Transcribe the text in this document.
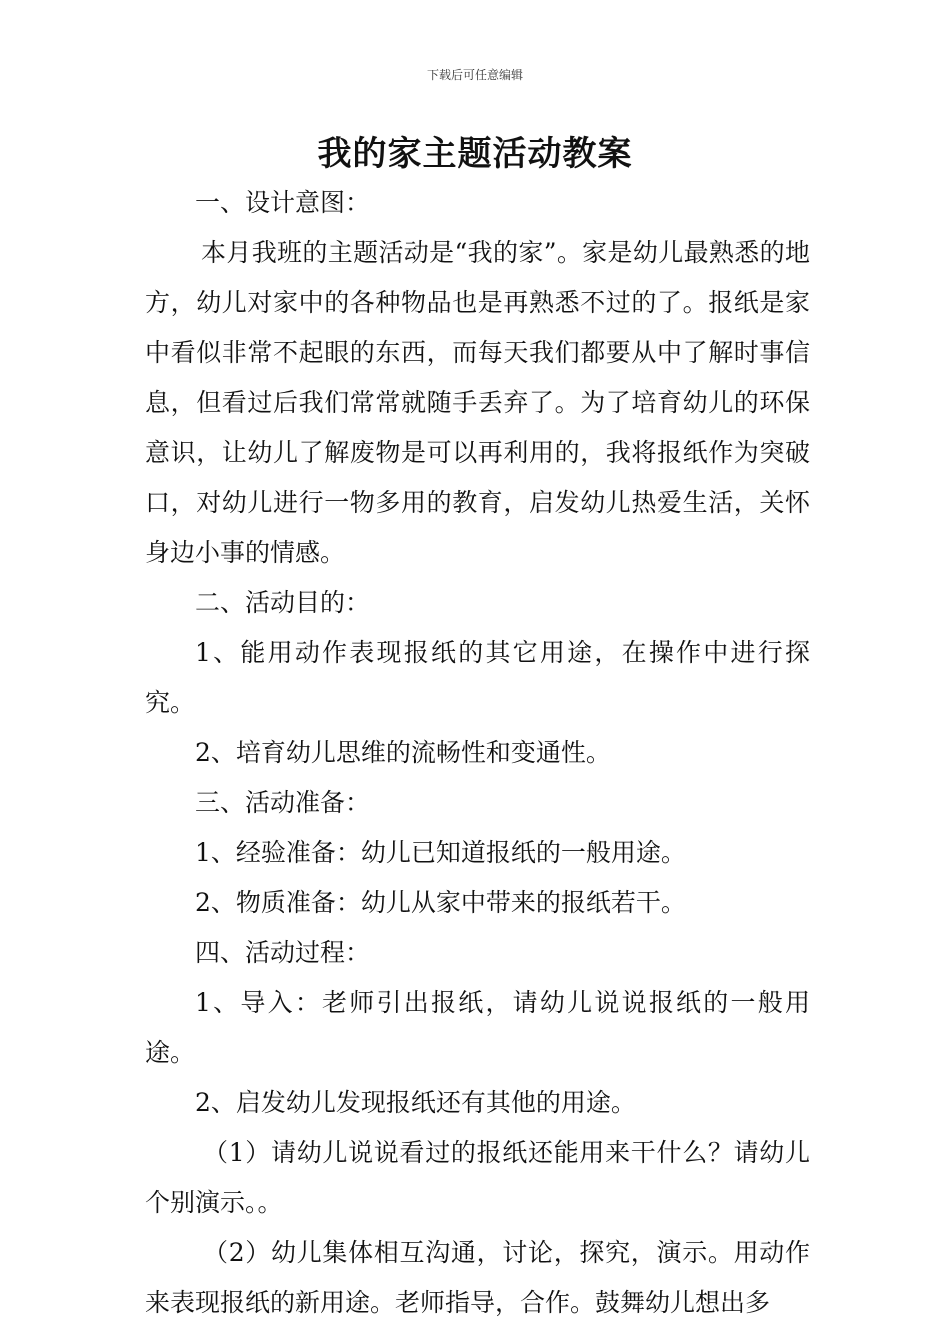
下载后可任意编辑
我的家主题活动教案

一、设计意图：

本月我班的主题活动是“我的家”。家是幼儿最熟悉的地方，幼儿对家中的各种物品也是再熟悉不过的了。报纸是家中看似非常不起眼的东西，而每天我们都要从中了解时事信息，但看过后我们常常就随手丢弃了。为了培育幼儿的环保意识，让幼儿了解废物是可以再利用的，我将报纸作为突破口，对幼儿进行一物多用的教育，启发幼儿热爱生活，关怀身边小事的情感。

二、活动目的：

1、能用动作表现报纸的其它用途，在操作中进行探究。

2、培育幼儿思维的流畅性和变通性。

三、活动准备：

1、经验准备：幼儿已知道报纸的一般用途。

2、物质准备：幼儿从家中带来的报纸若干。

四、活动过程：

1、导入：老师引出报纸，请幼儿说说报纸的一般用途。

2、启发幼儿发现报纸还有其他的用途。

（1）请幼儿说说看过的报纸还能用来干什么？请幼儿个别演示。。

（2）幼儿集体相互沟通，讨论，探究，演示。用动作来表现报纸的新用途。老师指导，合作。鼓舞幼儿想出多
